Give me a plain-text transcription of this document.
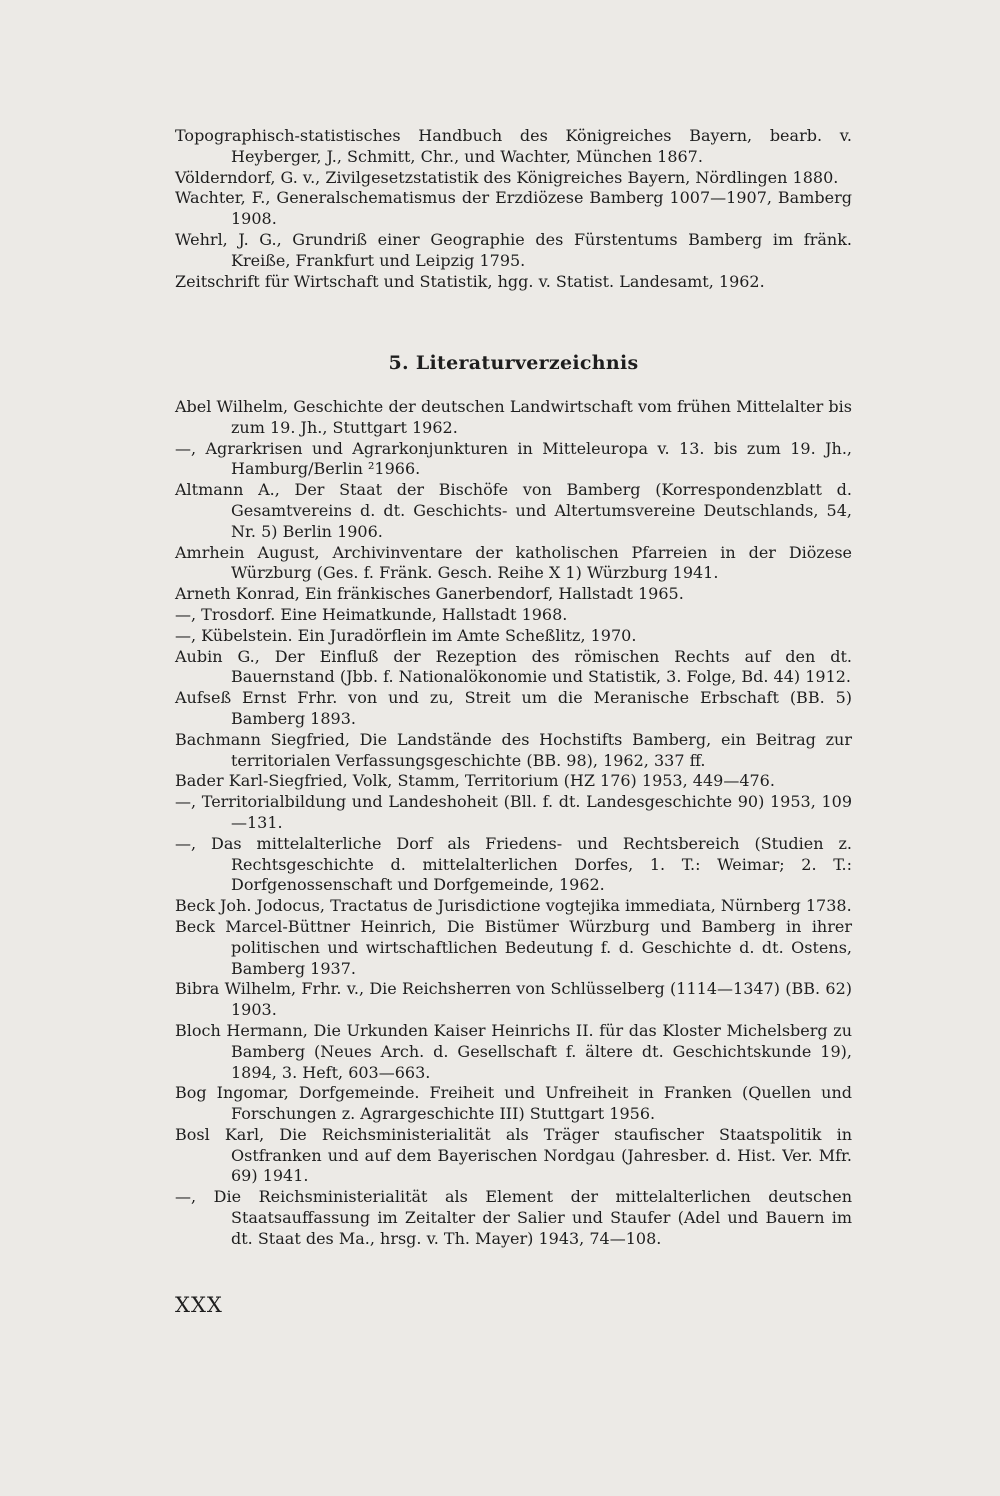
Topographisch-statistisches Handbuch des Königreiches Bayern, bearb. v. Heyberger, J., Schmitt, Chr., und Wachter, München 1867.

Völderndorf, G. v., Zivilgesetzstatistik des Königreiches Bayern, Nördlingen 1880.

Wachter, F., Generalschematismus der Erzdiözese Bamberg 1007—1907, Bamberg 1908.

Wehrl, J. G., Grundriß einer Geographie des Fürstentums Bamberg im fränk. Kreiße, Frankfurt und Leipzig 1795.

Zeitschrift für Wirtschaft und Statistik, hgg. v. Statist. Landesamt, 1962.

5. Literaturverzeichnis

Abel Wilhelm, Geschichte der deutschen Landwirtschaft vom frühen Mittelalter bis zum 19. Jh., Stuttgart 1962.

—, Agrarkrisen und Agrarkonjunkturen in Mitteleuropa v. 13. bis zum 19. Jh., Hamburg/Berlin ²1966.

Altmann A., Der Staat der Bischöfe von Bamberg (Korrespondenzblatt d. Gesamtvereins d. dt. Geschichts- und Altertumsvereine Deutschlands, 54, Nr. 5) Berlin 1906.

Amrhein August, Archivinventare der katholischen Pfarreien in der Diözese Würzburg (Ges. f. Fränk. Gesch. Reihe X 1) Würzburg 1941.

Arneth Konrad, Ein fränkisches Ganerbendorf, Hallstadt 1965.

—, Trosdorf. Eine Heimatkunde, Hallstadt 1968.

—, Kübelstein. Ein Juradörflein im Amte Scheßlitz, 1970.

Aubin G., Der Einfluß der Rezeption des römischen Rechts auf den dt. Bauernstand (Jbb. f. Nationalökonomie und Statistik, 3. Folge, Bd. 44) 1912.

Aufseß Ernst Frhr. von und zu, Streit um die Meranische Erbschaft (BB. 5) Bamberg 1893.

Bachmann Siegfried, Die Landstände des Hochstifts Bamberg, ein Beitrag zur territorialen Verfassungsgeschichte (BB. 98), 1962, 337 ff.

Bader Karl-Siegfried, Volk, Stamm, Territorium (HZ 176) 1953, 449—476.

—, Territorialbildung und Landeshoheit (Bll. f. dt. Landesgeschichte 90) 1953, 109—131.

—, Das mittelalterliche Dorf als Friedens- und Rechtsbereich (Studien z. Rechtsgeschichte d. mittelalterlichen Dorfes, 1. T.: Weimar; 2. T.: Dorfgenossenschaft und Dorfgemeinde, 1962.

Beck Joh. Jodocus, Tractatus de Jurisdictione vogtejika immediata, Nürnberg 1738.

Beck Marcel-Büttner Heinrich, Die Bistümer Würzburg und Bamberg in ihrer politischen und wirtschaftlichen Bedeutung f. d. Geschichte d. dt. Ostens, Bamberg 1937.

Bibra Wilhelm, Frhr. v., Die Reichsherren von Schlüsselberg (1114—1347) (BB. 62) 1903.

Bloch Hermann, Die Urkunden Kaiser Heinrichs II. für das Kloster Michelsberg zu Bamberg (Neues Arch. d. Gesellschaft f. ältere dt. Geschichtskunde 19), 1894, 3. Heft, 603—663.

Bog Ingomar, Dorfgemeinde. Freiheit und Unfreiheit in Franken (Quellen und Forschungen z. Agrargeschichte III) Stuttgart 1956.

Bosl Karl, Die Reichsministerialität als Träger staufischer Staatspolitik in Ostfranken und auf dem Bayerischen Nordgau (Jahresber. d. Hist. Ver. Mfr. 69) 1941.

—, Die Reichsministerialität als Element der mittelalterlichen deutschen Staatsauffassung im Zeitalter der Salier und Staufer (Adel und Bauern im dt. Staat des Ma., hrsg. v. Th. Mayer) 1943, 74—108.

XXX
